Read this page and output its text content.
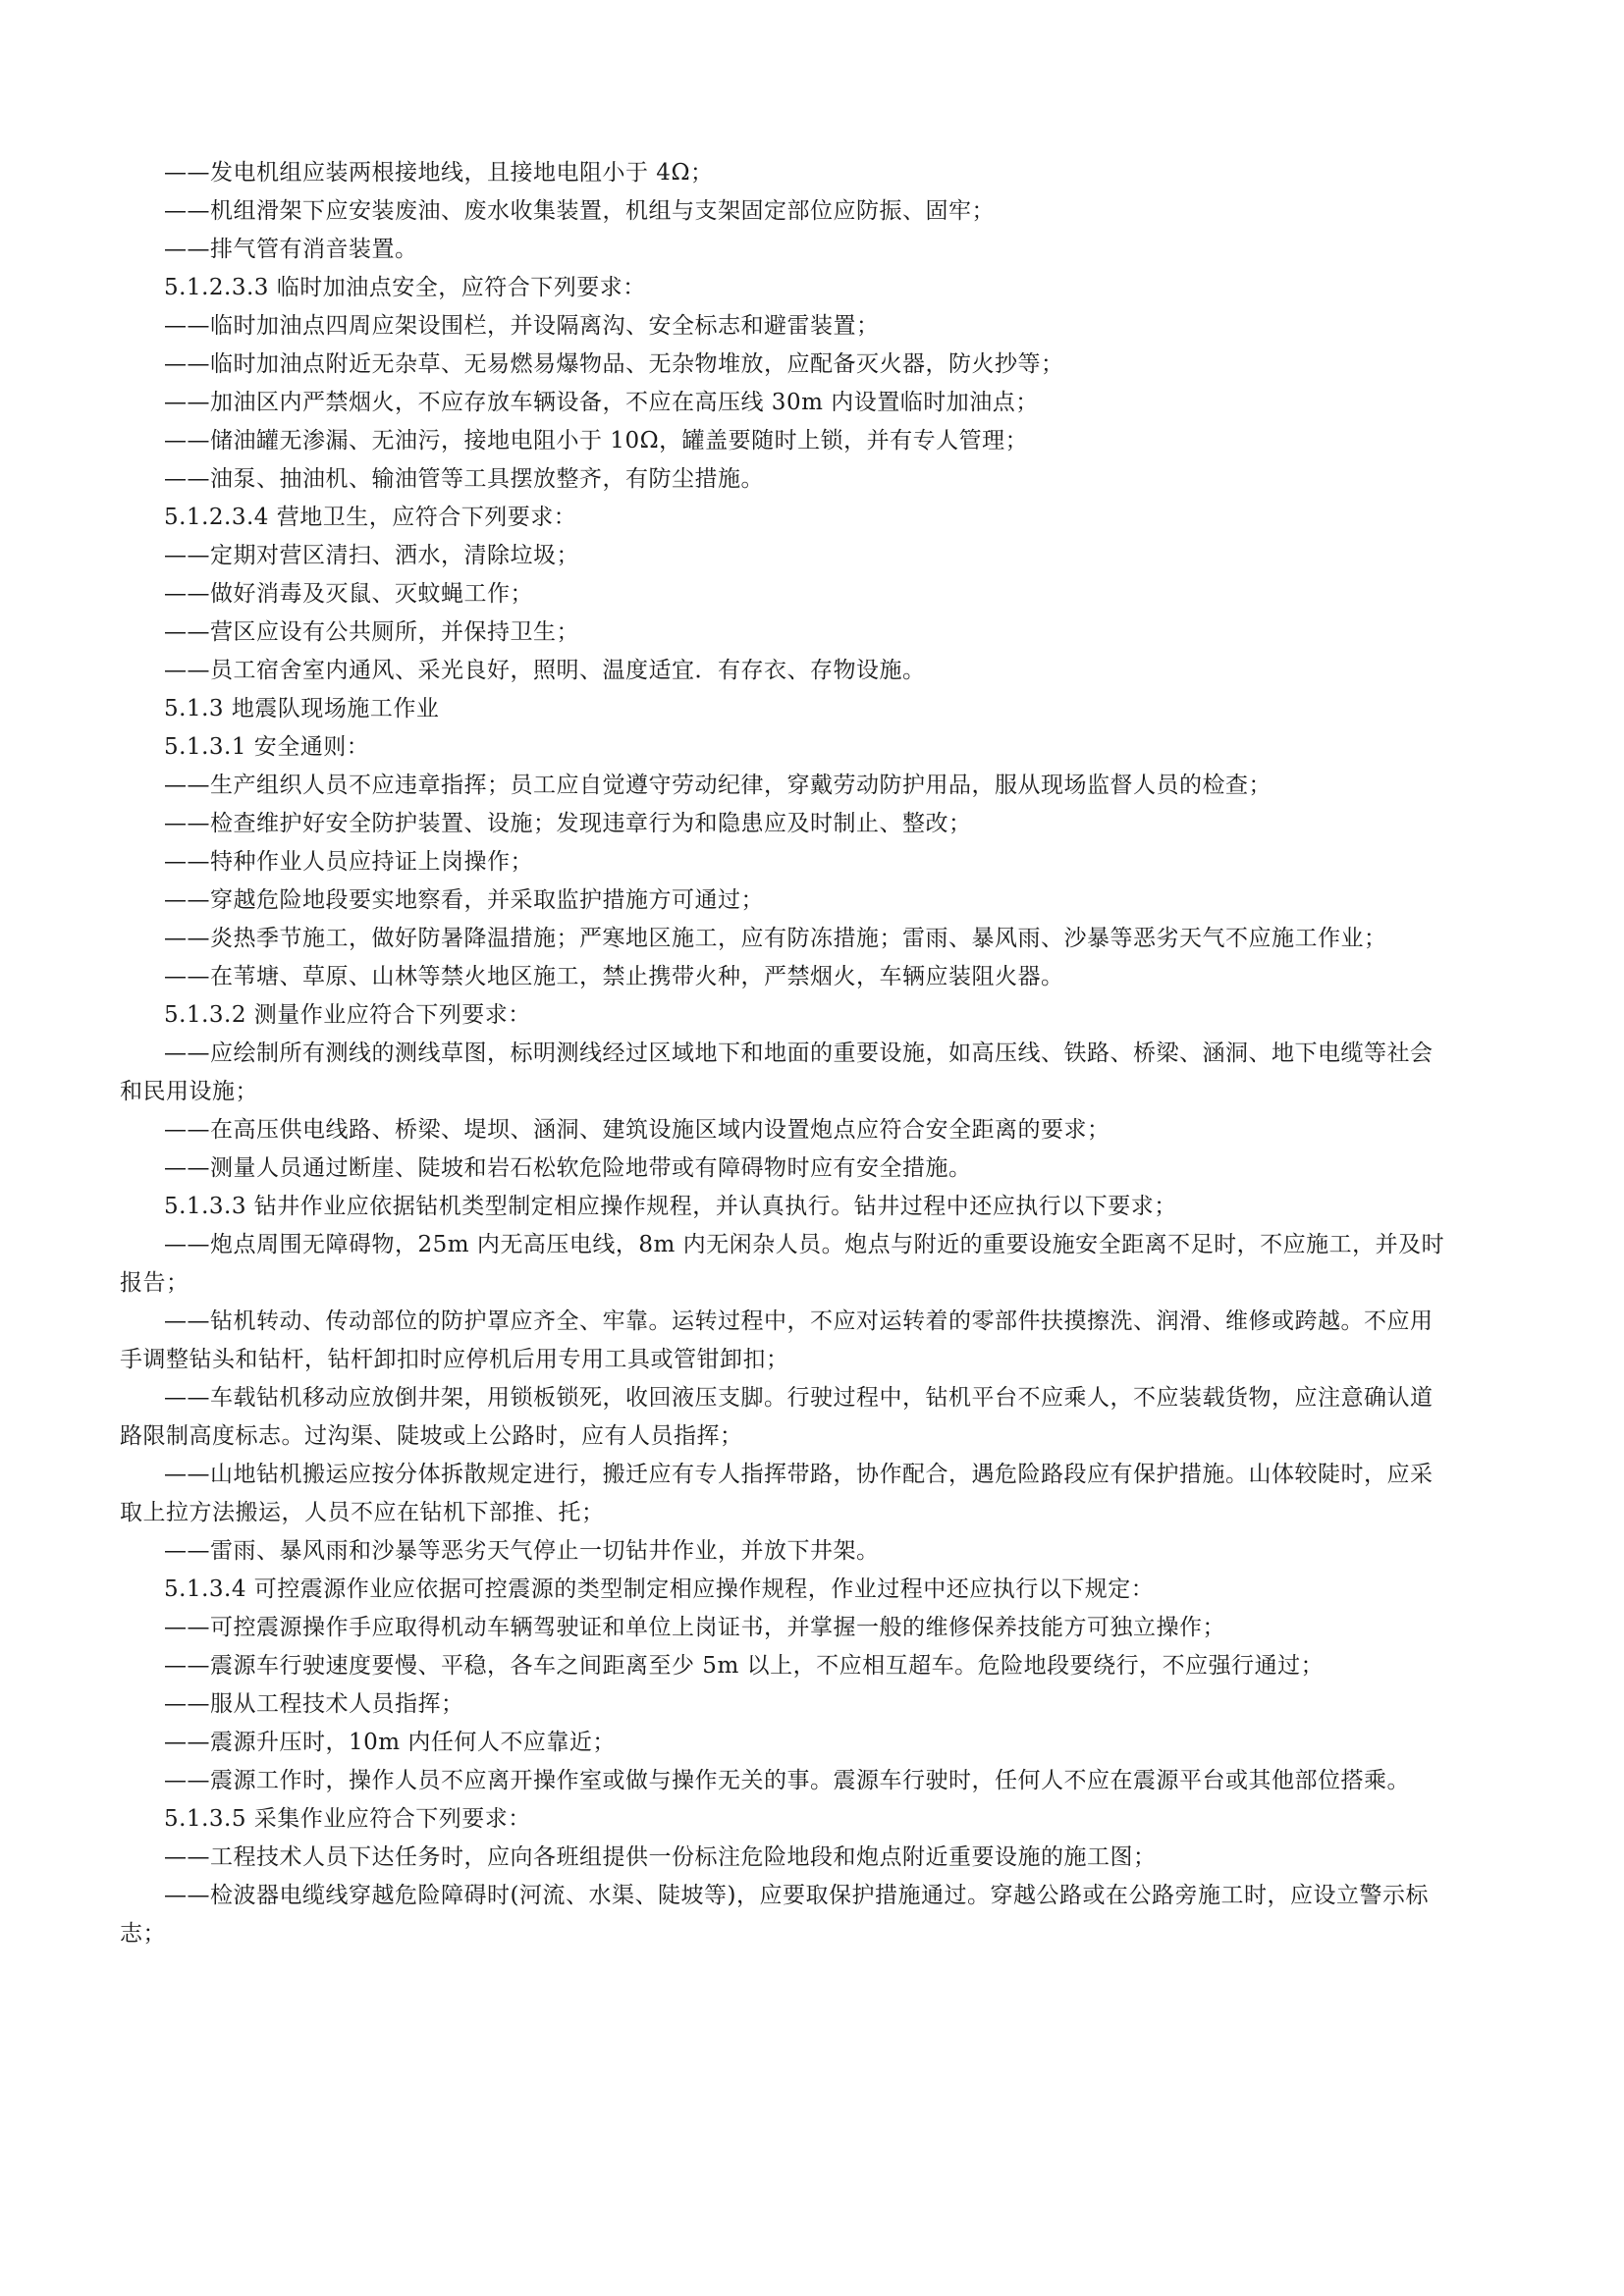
——发电机组应装两根接地线，且接地电阻小于 4Ω；

——机组滑架下应安装废油、废水收集装置，机组与支架固定部位应防振、固牢；

——排气管有消音装置。

5.1.2.3.3 临时加油点安全，应符合下列要求：

——临时加油点四周应架设围栏，并设隔离沟、安全标志和避雷装置；

——临时加油点附近无杂草、无易燃易爆物品、无杂物堆放，应配备灭火器，防火抄等；

——加油区内严禁烟火，不应存放车辆设备，不应在高压线 30m 内设置临时加油点；

——储油罐无渗漏、无油污，接地电阻小于 10Ω，罐盖要随时上锁，并有专人管理；

——油泵、抽油机、输油管等工具摆放整齐，有防尘措施。

5.1.2.3.4 营地卫生，应符合下列要求：

——定期对营区清扫、洒水，清除垃圾；

——做好消毒及灭鼠、灭蚊蝇工作；

——营区应设有公共厕所，并保持卫生；

——员工宿舍室内通风、采光良好，照明、温度适宜．有存衣、存物设施。

5.1.3 地震队现场施工作业

5.1.3.1 安全通则：

——生产组织人员不应违章指挥；员工应自觉遵守劳动纪律，穿戴劳动防护用品，服从现场监督人员的检查；

——检查维护好安全防护装置、设施；发现违章行为和隐患应及时制止、整改；

——特种作业人员应持证上岗操作；

——穿越危险地段要实地察看，并采取监护措施方可通过；

——炎热季节施工，做好防暑降温措施；严寒地区施工，应有防冻措施；雷雨、暴风雨、沙暴等恶劣天气不应施工作业；

——在苇塘、草原、山林等禁火地区施工，禁止携带火种，严禁烟火，车辆应装阻火器。

5.1.3.2 测量作业应符合下列要求：

——应绘制所有测线的测线草图，标明测线经过区域地下和地面的重要设施，如高压线、铁路、桥梁、涵洞、地下电缆等社会

和民用设施；

——在高压供电线路、桥梁、堤坝、涵洞、建筑设施区域内设置炮点应符合安全距离的要求；

——测量人员通过断崖、陡坡和岩石松软危险地带或有障碍物时应有安全措施。

5.1.3.3 钻井作业应依据钻机类型制定相应操作规程，并认真执行。钻井过程中还应执行以下要求；

——炮点周围无障碍物，25m 内无高压电线，8m 内无闲杂人员。炮点与附近的重要设施安全距离不足时，不应施工，并及时

报告；

——钻机转动、传动部位的防护罩应齐全、牢靠。运转过程中，不应对运转着的零部件扶摸擦洗、润滑、维修或跨越。不应用

手调整钻头和钻杆，钻杆卸扣时应停机后用专用工具或管钳卸扣；

——车载钻机移动应放倒井架，用锁板锁死，收回液压支脚。行驶过程中，钻机平台不应乘人，不应装载货物，应注意确认道

路限制高度标志。过沟渠、陡坡或上公路时，应有人员指挥；

——山地钻机搬运应按分体拆散规定进行，搬迁应有专人指挥带路，协作配合，遇危险路段应有保护措施。山体较陡时，应采

取上拉方法搬运，人员不应在钻机下部推、托；

——雷雨、暴风雨和沙暴等恶劣天气停止一切钻井作业，并放下井架。

5.1.3.4 可控震源作业应依据可控震源的类型制定相应操作规程，作业过程中还应执行以下规定：

——可控震源操作手应取得机动车辆驾驶证和单位上岗证书，并掌握一般的维修保养技能方可独立操作；

——震源车行驶速度要慢、平稳，各车之间距离至少 5m 以上，不应相互超车。危险地段要绕行，不应强行通过；

——服从工程技术人员指挥；

——震源升压时，10m 内任何人不应靠近；

——震源工作时，操作人员不应离开操作室或做与操作无关的事。震源车行驶时，任何人不应在震源平台或其他部位搭乘。

5.1.3.5 采集作业应符合下列要求：

——工程技术人员下达任务时，应向各班组提供一份标注危险地段和炮点附近重要设施的施工图；

——检波器电缆线穿越危险障碍时(河流、水渠、陡坡等)，应要取保护措施通过。穿越公路或在公路旁施工时，应设立警示标

志；
